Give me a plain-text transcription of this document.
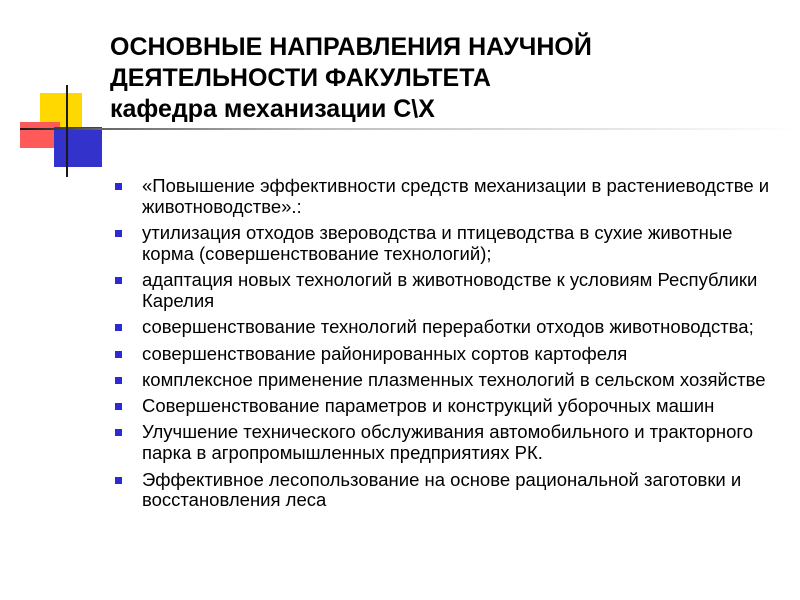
ОСНОВНЫЕ НАПРАВЛЕНИЯ НАУЧНОЙ
ДЕЯТЕЛЬНОСТИ ФАКУЛЬТЕТА
кафедра механизации С\Х
«Повышение эффективности средств механизации в растениеводстве и животноводстве».:
утилизация отходов звероводства и птицеводства в сухие животные корма (совершенствование технологий);
адаптация новых технологий в животноводстве к условиям Республики Карелия
совершенствование технологий переработки отходов животноводства;
совершенствование районированных сортов картофеля
комплексное применение плазменных технологий в сельском хозяйстве
Совершенствование параметров и конструкций уборочных машин
Улучшение технического обслуживания автомобильного и тракторного парка в агропромышленных предприятиях РК.
Эффективное лесопользование на основе рациональной заготовки и восстановления леса
